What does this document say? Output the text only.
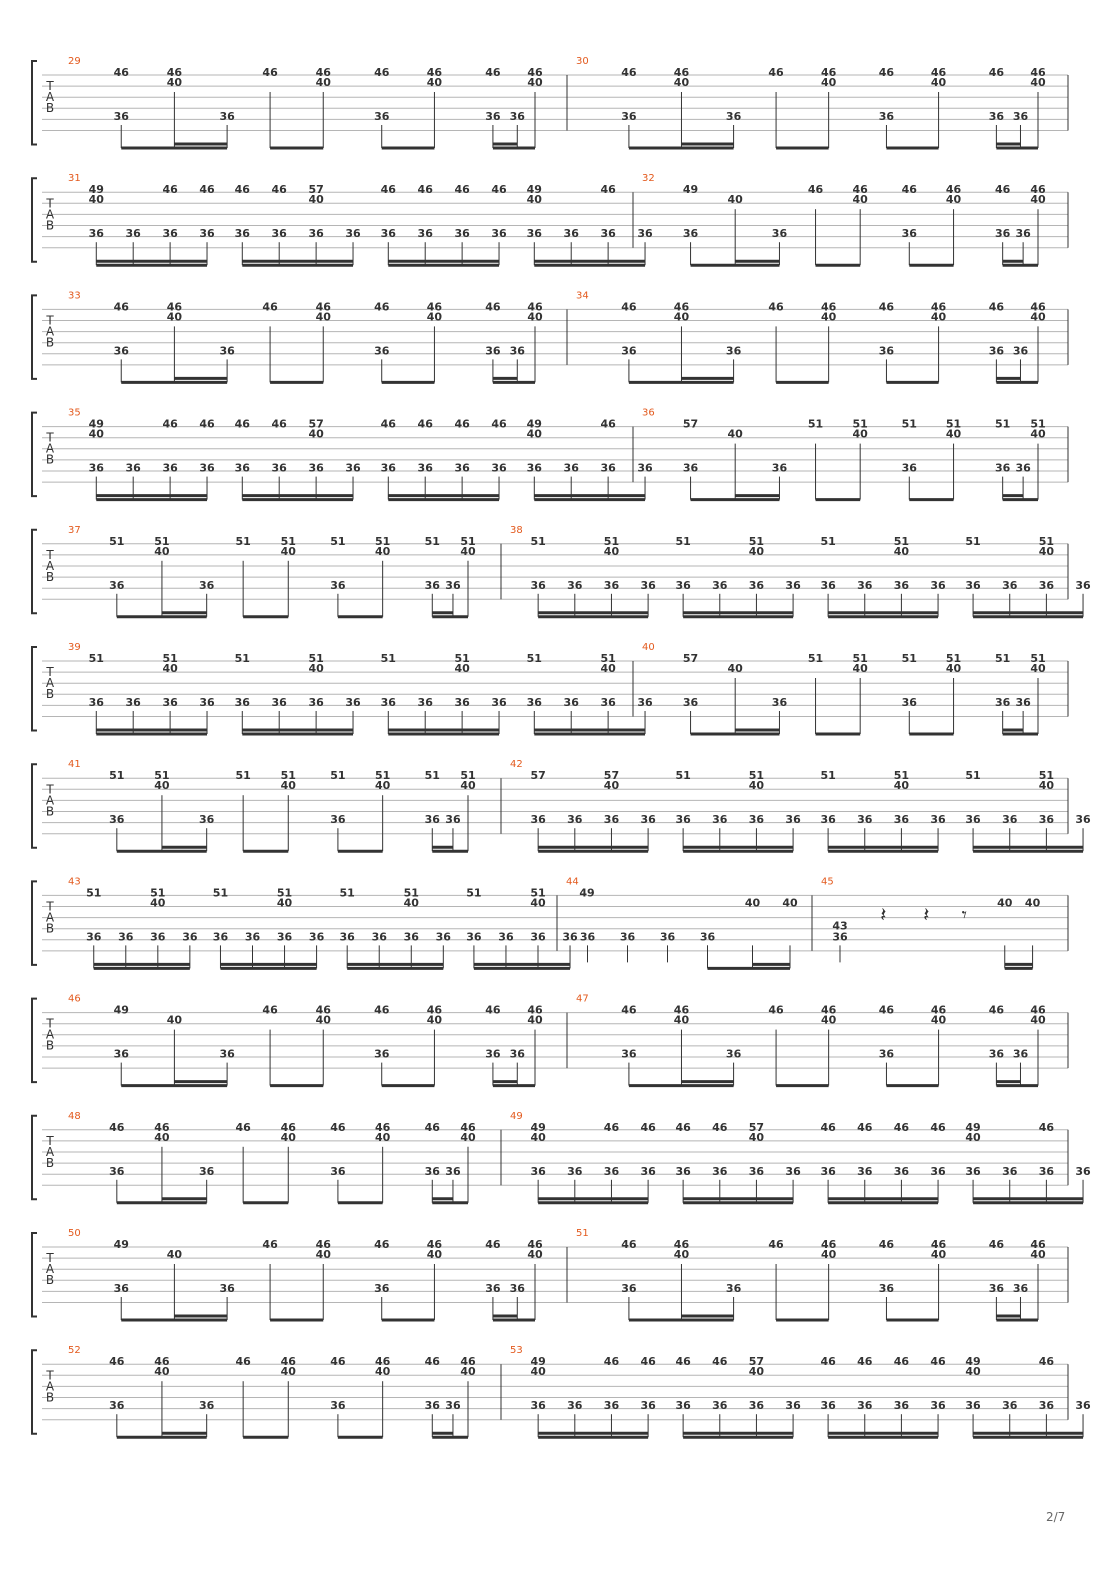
T
A
B
29
46
36
46
40
36
46	46
40
46
36
46
40
46
36 36
46
40
30
46
36
46
40
36
46	46
40
46
36
46
40
46
36 36
46
40
T
A
B
31
49
40
36 36
46
36
46
36
46
36
46
36
57
40
36 36
46
36
46
36
46
36
46
36
49
40
36 36
46
36 36
32
49
36
40
36
46	46
40
46
36
46
40
46
36 36
46
40
T
A
B
33
46
36
46
40
36
46	46
40
46
36
46
40
46
36 36
46
40
34
46
36
46
40
36
46	46
40
46
36
46
40
46
36 36
46
40
T
A
B
35
49
40
36 36
46
36
46
36
46
36
46
36
57
40
36 36
46
36
46
36
46
36
46
36
49
40
36 36
46
36 36
36
57
36
40
36
51	51
40
51
36
51
40
51
36 36
51
40
T
A
B
37
51
36
51
40
36
51	51
40
51
36
51
40
51
36 36
51
40
38
51
36 36
51
40
36 36
51
36 36
51
40
36 36
51
36 36
51
40
36 36
51
36 36
51
40
36 36
T
A
B
39
51
36 36
51
40
36 36
51
36 36
51
40
36 36
51
36 36
51
40
36 36
51
36 36
51
40
36 36
40
57
36
40
36
51	51
40
51
36
51
40
51
36 36
51
40
T
A
B
41
51
36
51
40
36
51	51
40
51
36
51
40
51
36 36
51
40
42
57
36 36
57
40
36 36
51
36 36
51
40
36 36
51
36 36
51
40
36 36
51
36 36
51
40
36 36
T
A
B
43
51
36 36
51
40
36 36
51
36 36
51
40
36 36
51
36 36
51
40
36 36
51
36 36
51
40
36 36
44
49
36 36 36 36
40 40
45
43
36
𝄽 𝄽 𝄾	40 40
T
A
B
46
49
36
40
36
46	46
40
46
36
46
40
46
36 36
46
40
47
46
36
46
40
36
46	46
40
46
36
46
40
46
36 36
46
40
T
A
B
48
46
36
46
40
36
46	46
40
46
36
46
40
46
36 36
46
40
49
49
40
36 36
46
36
46
36
46
36
46
36
57
40
36 36
46
36
46
36
46
36
46
36
49
40
36 36
46
36 36
T
A
B
50
49
36
40
36
46	46
40
46
36
46
40
46
36 36
46
40
51
46
36
46
40
36
46	46
40
46
36
46
40
46
36 36
46
40
T
A
B
52
46
36
46
40
36
46	46
40
46
36
46
40
46
36 36
46
40
53
49
40
36 36
46
36
46
36
46
36
46
36
57
40
36 36
46
36
46
36
46
36
46
36
49
40
36 36
46
36 36
2/7
